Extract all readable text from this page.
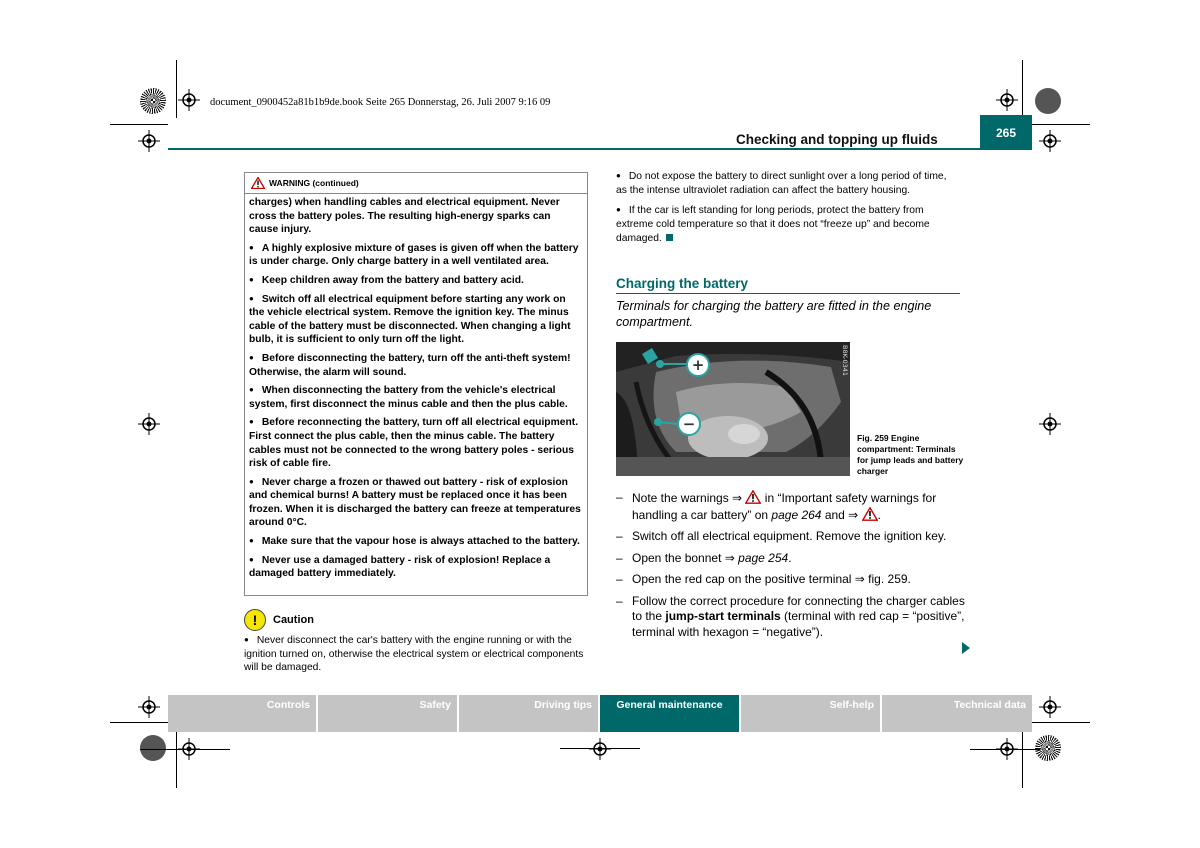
document_0900452a81b1b9de.book Seite 265 Donnerstag, 26. Juli 2007 9:16 09
Checking and topping up fluids	265
WARNING (continued)

charges) when handling cables and electrical equipment. Never cross the battery poles. The resulting high-energy sparks can cause injury.

● A highly explosive mixture of gases is given off when the battery is under charge. Only charge battery in a well ventilated area.

● Keep children away from the battery and battery acid.

● Switch off all electrical equipment before starting any work on the vehicle electrical system. Remove the ignition key. The minus cable of the battery must be disconnected. When changing a light bulb, it is sufficient to only turn off the light.

● Before disconnecting the battery, turn off the anti-theft system! Otherwise, the alarm will sound.

● When disconnecting the battery from the vehicle's electrical system, first disconnect the minus cable and then the plus cable.

● Before reconnecting the battery, turn off all electrical equipment. First connect the plus cable, then the minus cable. The battery cables must not be connected to the wrong battery poles - serious risk of cable fire.

● Never charge a frozen or thawed out battery - risk of explosion and chemical burns! A battery must be replaced once it has been frozen. When it is discharged the battery can freeze at temperatures around 0°C.

● Make sure that the vapour hose is always attached to the battery.

● Never use a damaged battery - risk of explosion! Replace a damaged battery immediately.

!	Caution
● Never disconnect the car's battery with the engine running or with the ignition turned on, otherwise the electrical system or electrical components will be damaged.

● Do not expose the battery to direct sunlight over a long period of time, as the intense ultraviolet radiation can affect the battery housing.

● If the car is left standing for long periods, protect the battery from extreme cold temperature so that it does not “freeze up” and become damaged.

Charging the battery
Terminals for charging the battery are fitted in the engine compartment.
+
−
B8K-0341
Fig. 259 Engine compartment: Terminals for jump leads and battery charger
– Note the warnings ⇒  in “Important safety warnings for handling a car battery” on page 264 and ⇒ .
– Switch off all electrical equipment. Remove the ignition key.
– Open the bonnet ⇒ page 254.
– Open the red cap on the positive terminal ⇒ fig. 259.
– Follow the correct procedure for connecting the charger cables to the jump-start terminals (terminal with red cap = “positive”, terminal with hexagon = “negative”).
Controls	Safety	Driving tips	General maintenance	Self-help	Technical data
